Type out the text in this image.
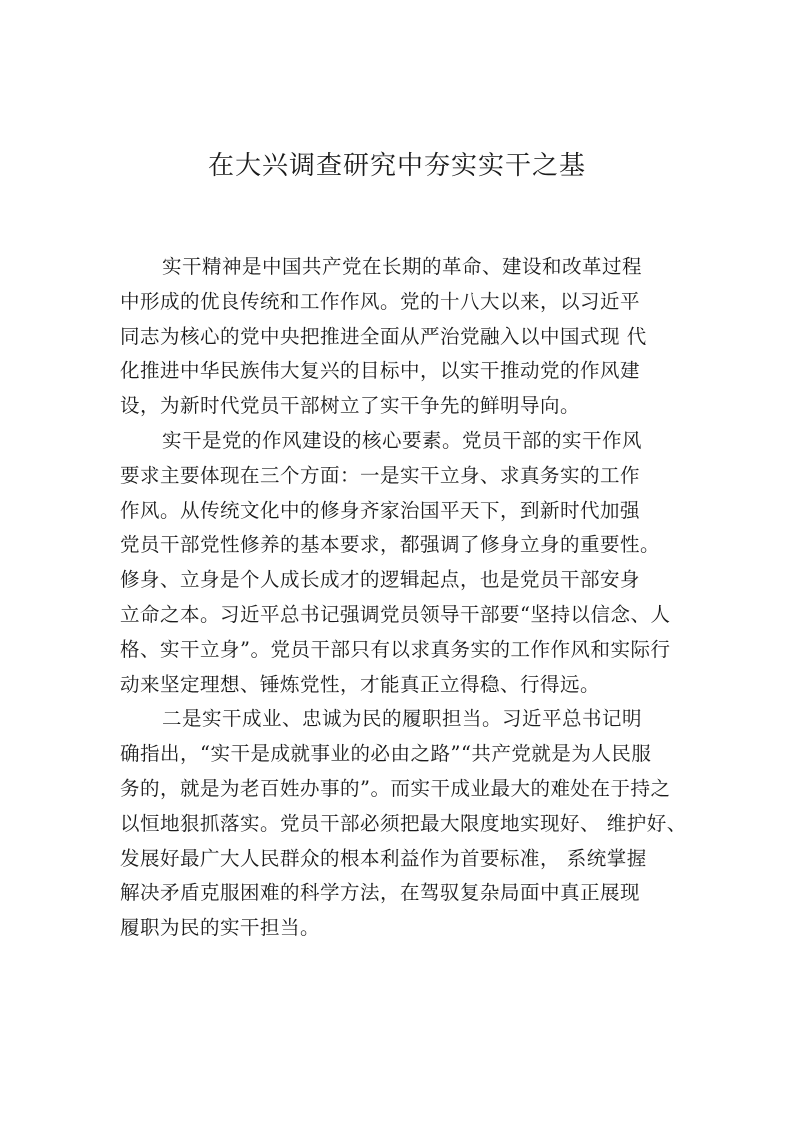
在大兴调查研究中夯实实干之基
实干精神是中国共产党在长期的革命、建设和改革过程
中形成的优良传统和工作作风。党的十八大以来，以习近平
同志为核心的党中央把推进全面从严治党融入以中国式现 代
化推进中华民族伟大复兴的目标中，以实干推动党的作风建
设，为新时代党员干部树立了实干争先的鲜明导向。
实干是党的作风建设的核心要素。党员干部的实干作风
要求主要体现在三个方面：一是实干立身、求真务实的工作
作风。从传统文化中的修身齐家治国平天下，到新时代加强
党员干部党性修养的基本要求，都强调了修身立身的重要性。
修身、立身是个人成长成才的逻辑起点，也是党员干部安身
立命之本。习近平总书记强调党员领导干部要“坚持以信念、人
格、实干立身”。党员干部只有以求真务实的工作作风和实际行
动来坚定理想、锤炼党性，才能真正立得稳、行得远。
二是实干成业、忠诚为民的履职担当。习近平总书记明
确指出，“实干是成就事业的必由之路”“共产党就是为人民服
务的，就是为老百姓办事的”。而实干成业最大的难处在于持之
以恒地狠抓落实。党员干部必须把最大限度地实现好、 维护好、
发展好最广大人民群众的根本利益作为首要标准， 系统掌握
解决矛盾克服困难的科学方法，在驾驭复杂局面中真正展现
履职为民的实干担当。
